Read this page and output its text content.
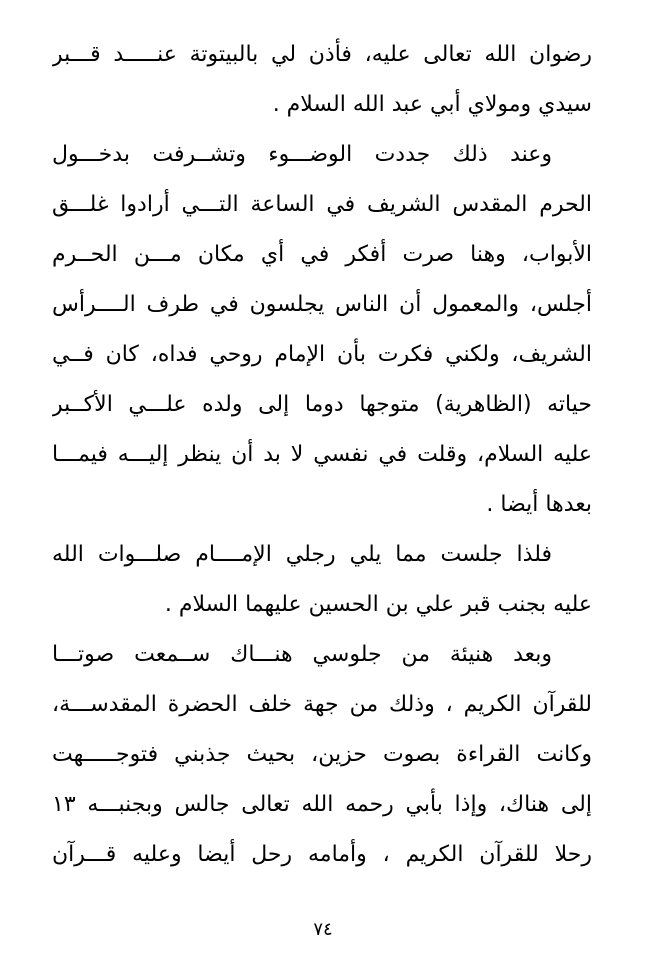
رضوان الله تعالى عليه، فأذن لي بالبيتوتة عنـــــد قـــبر
سيدي ومولاي أبي عبد الله السلام .
وعند ذلك جددت الوضـــوء وتشــرفت بدخـــول
الحرم المقدس الشريف في الساعة التـــي أرادوا غلـــق
الأبواب، وهنا صرت أفكر في أي مكان مـــن الحــرم
أجلس، والمعمول أن الناس يجلسون في طرف الــــرأس
الشريف، ولكني فكرت بأن الإمام روحي فداه، كان فــي
حياته (الظاهرية) متوجها دوما إلى ولده علـــي الأكــبر
عليه السلام، وقلت في نفسي لا بد أن ينظر إليـــه فيمـــا
بعدها أيضا .
فلذا جلست مما يلي رجلي الإمــــام صلـــوات الله
عليه بجنب قبر علي بن الحسين عليهما السلام .
وبعد هنيئة من جلوسي هنـــاك ســمعت صوتـــا
للقرآن الكريم ، وذلك من جهة خلف الحضرة المقدســـة،
وكانت القراءة بصوت حزين، بحيث جذبني فتوجـــــهت
إلى هناك، وإذا بأبي رحمه الله تعالى جالس وبجنبـــه ١٣
رحلا للقرآن الكريم ، وأمامه رحل أيضا وعليه قـــرآن
٧٤
